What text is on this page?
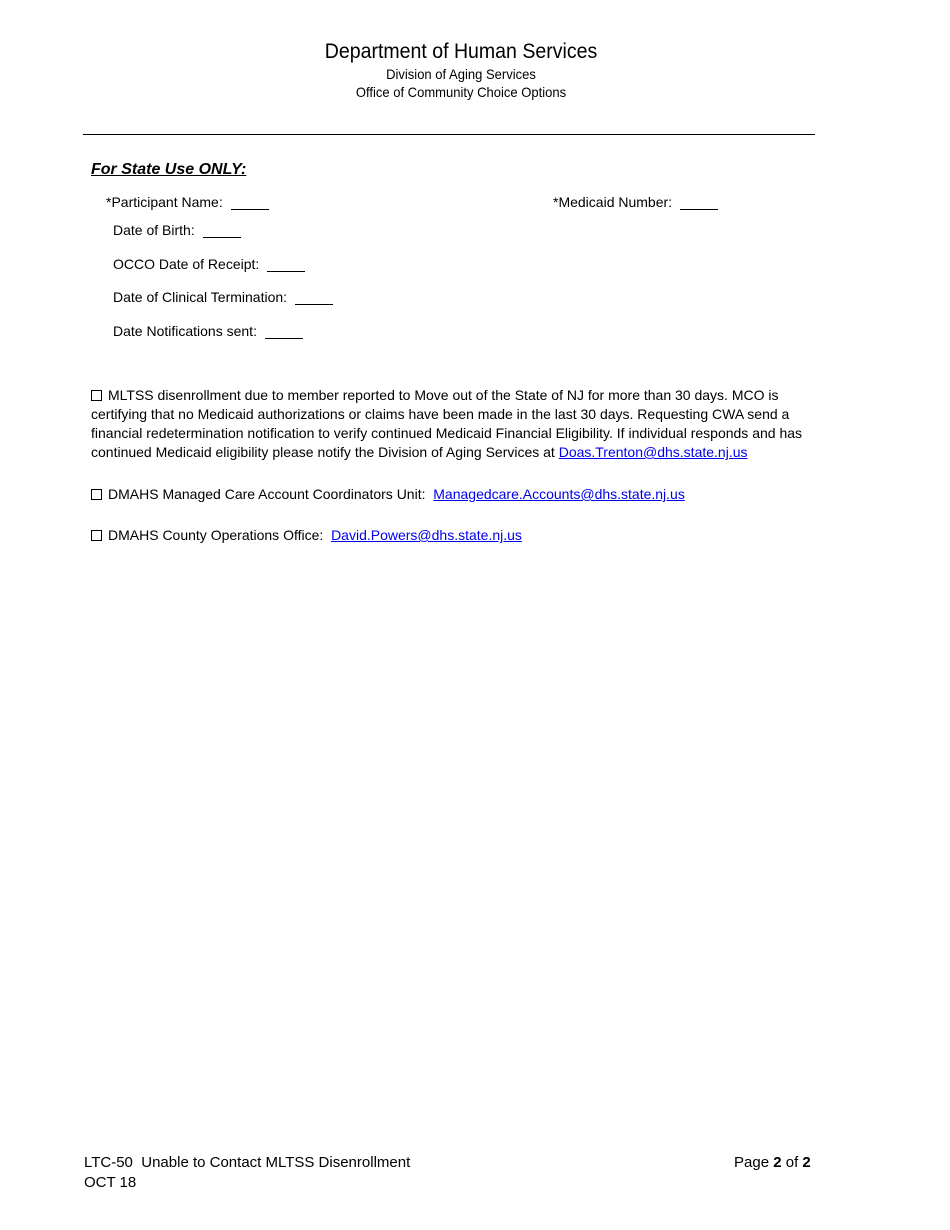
Department of Human Services
Division of Aging Services
Office of Community Choice Options
For State Use ONLY:
*Participant Name:	*Medicaid Number:
Date of Birth:
OCCO Date of Receipt:
Date of Clinical Termination:
Date Notifications sent:
MLTSS disenrollment due to member reported to Move out of the State of NJ for more than 30 days. MCO is certifying that no Medicaid authorizations or claims have been made in the last 30 days. Requesting CWA send a financial redetermination notification to verify continued Medicaid Financial Eligibility. If individual responds and has continued Medicaid eligibility please notify the Division of Aging Services at Doas.Trenton@dhs.state.nj.us
DMAHS Managed Care Account Coordinators Unit: Managedcare.Accounts@dhs.state.nj.us
DMAHS County Operations Office: David.Powers@dhs.state.nj.us
LTC-50 Unable to Contact MLTSS Disenrollment
OCT 18
Page 2 of 2
